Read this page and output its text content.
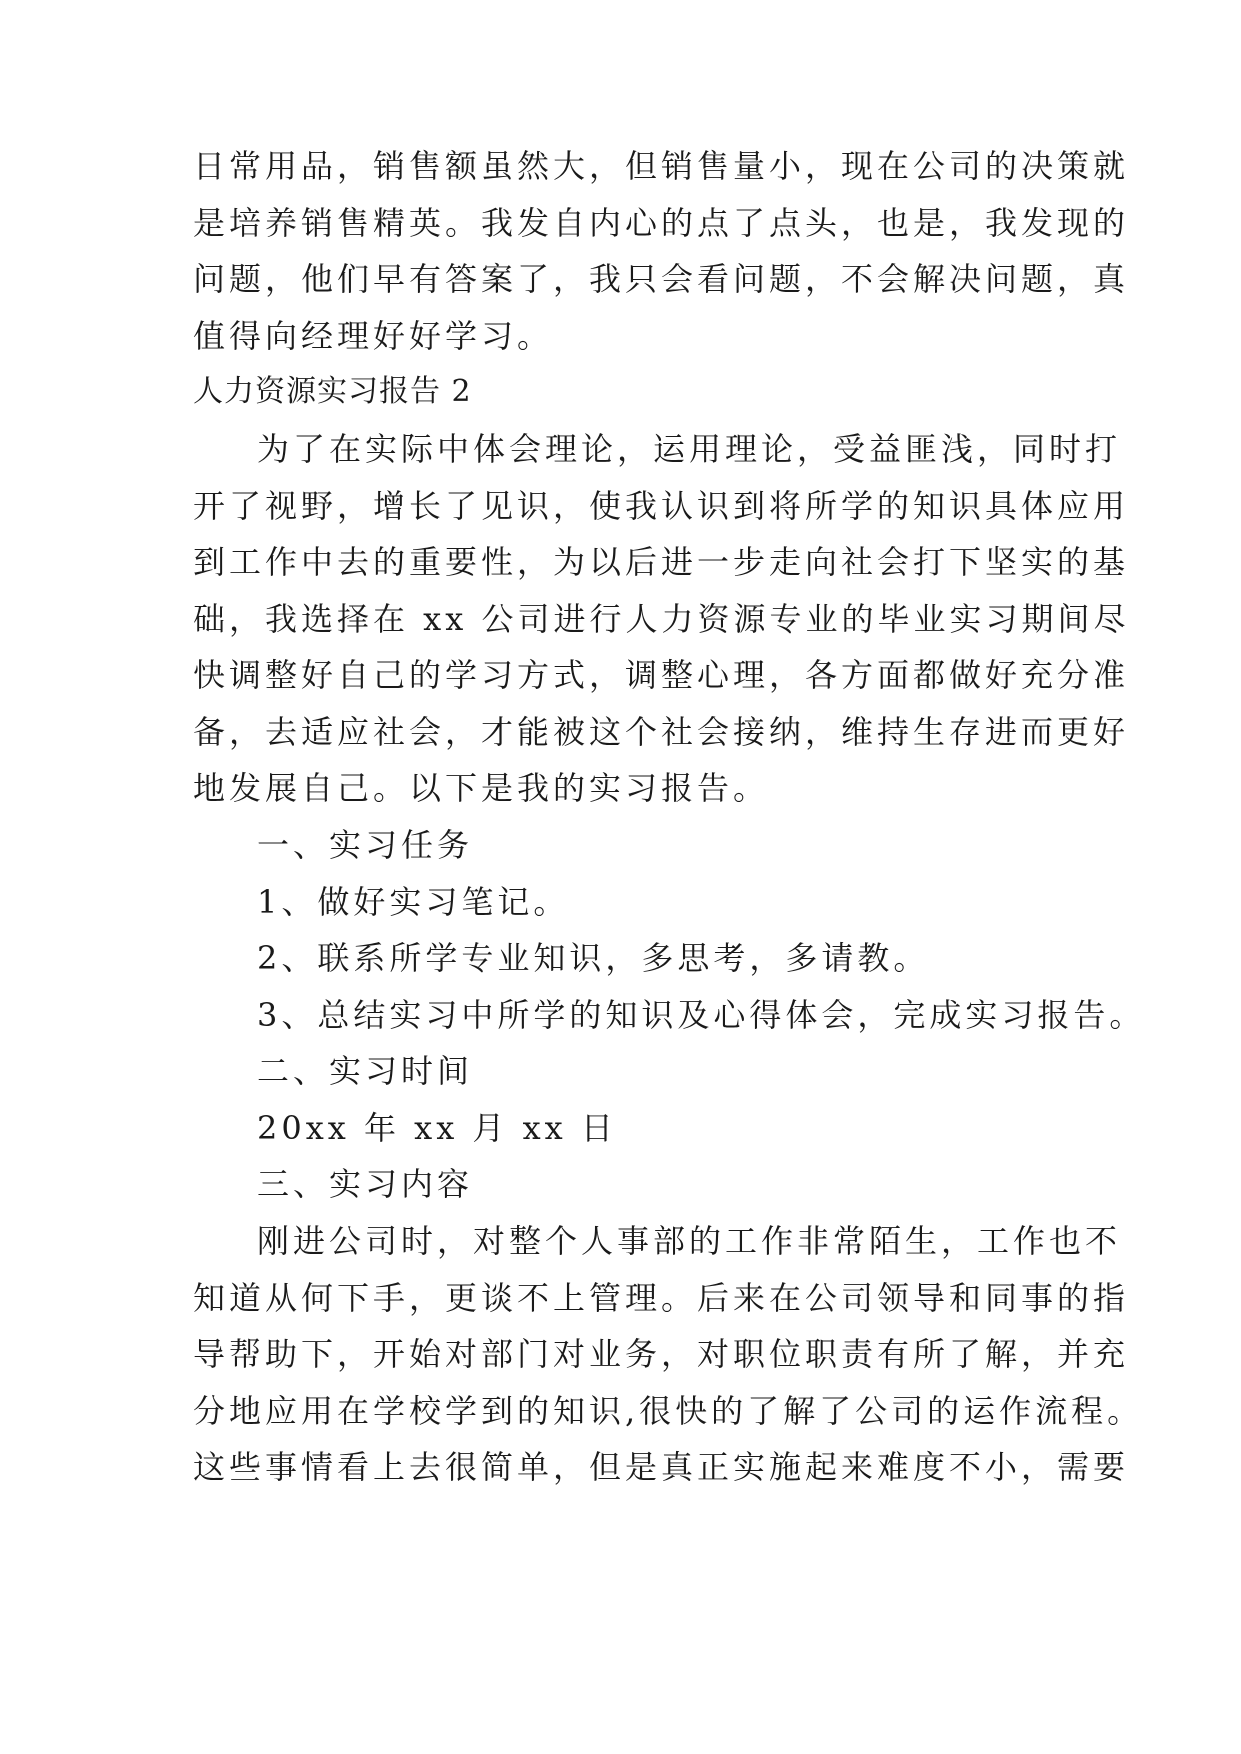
日常用品，销售额虽然大，但销售量小，现在公司的决策就
是培养销售精英。我发自内心的点了点头，也是，我发现的
问题，他们早有答案了，我只会看问题，不会解决问题，真
值得向经理好好学习。
人力资源实习报告 2
为了在实际中体会理论，运用理论，受益匪浅，同时打
开了视野，增长了见识，使我认识到将所学的知识具体应用
到工作中去的重要性，为以后进一步走向社会打下坚实的基
础，我选择在 xx 公司进行人力资源专业的毕业实习期间尽
快调整好自己的学习方式，调整心理，各方面都做好充分准
备，去适应社会，才能被这个社会接纳，维持生存进而更好
地发展自己。以下是我的实习报告。
一、实习任务
1、做好实习笔记。
2、联系所学专业知识，多思考，多请教。
3、总结实习中所学的知识及心得体会，完成实习报告。
二、实习时间
20xx 年 xx 月 xx 日
三、实习内容
刚进公司时，对整个人事部的工作非常陌生，工作也不
知道从何下手，更谈不上管理。后来在公司领导和同事的指
导帮助下，开始对部门对业务，对职位职责有所了解，并充
分地应用在学校学到的知识,很快的了解了公司的运作流程。
这些事情看上去很简单，但是真正实施起来难度不小，需要
